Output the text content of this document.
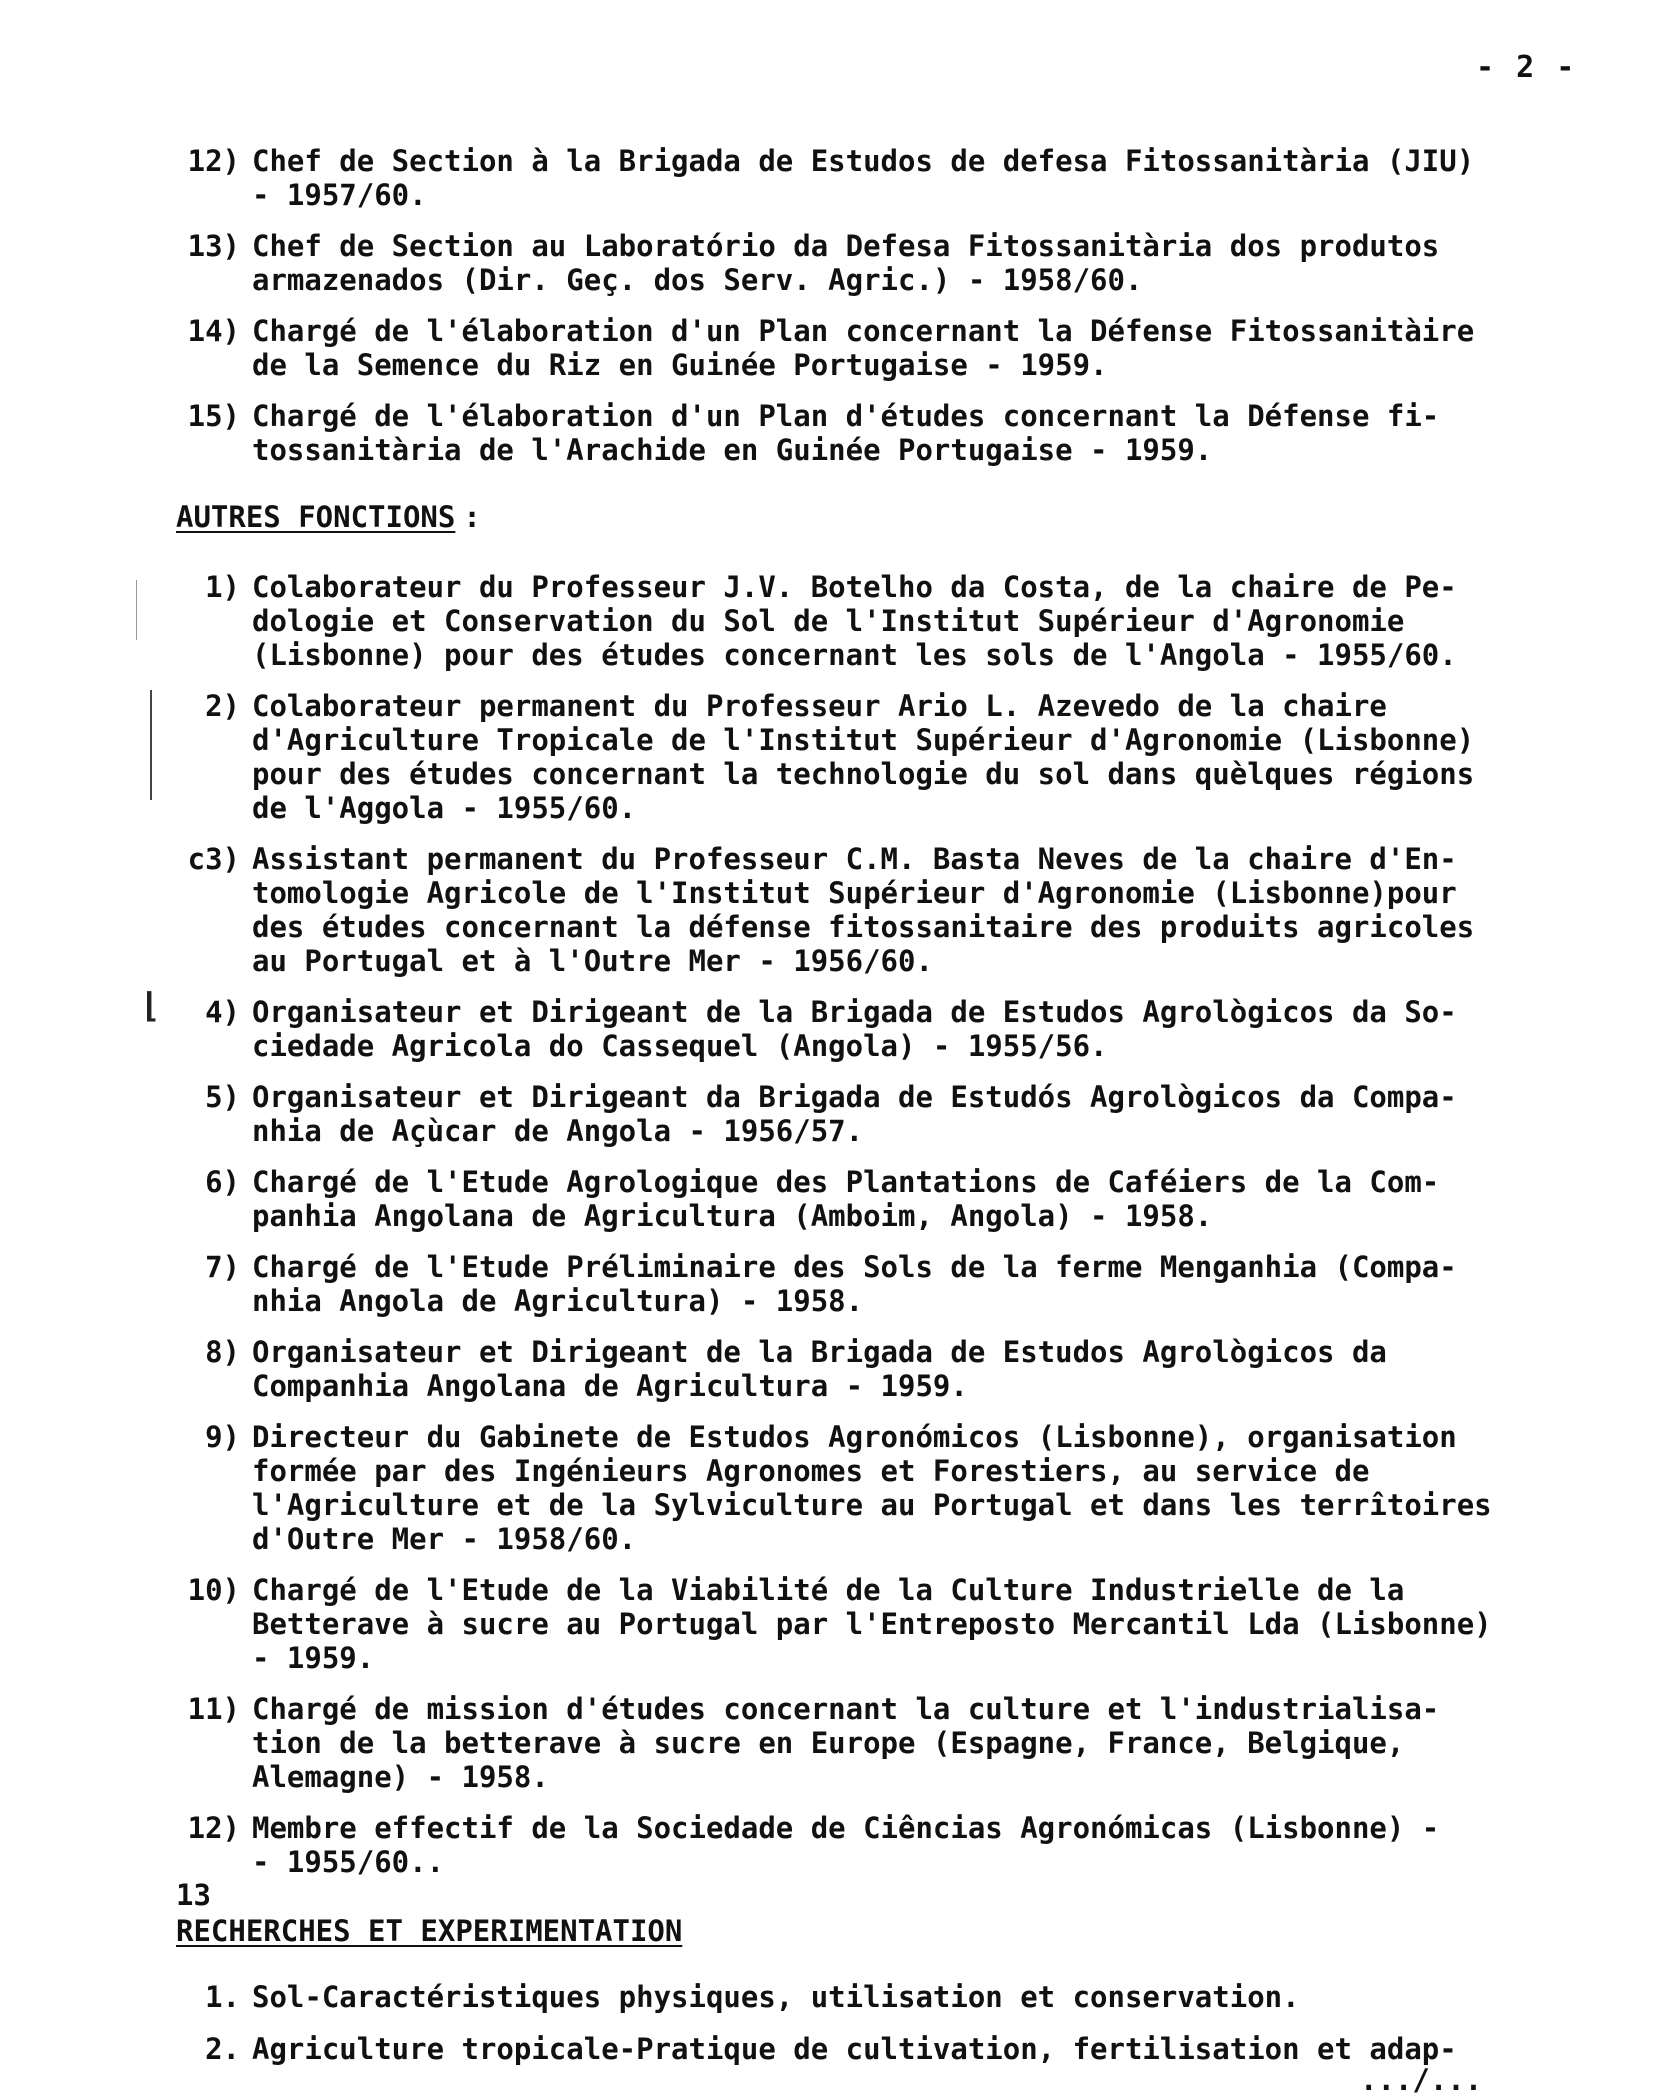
- 2 -
12) Chef de Section à la Brigada de Estudos de defesa Fitossanitària (JIU)
- 1957/60.
13) Chef de Section au Laboratório da Defesa Fitossanitària dos produtos
armazenados (Dir. Geç. dos Serv. Agric.) - 1958/60.
14) Chargé de l'élaboration d'un Plan concernant la Défense Fitossanitàire
de la Semence du Riz en Guinée Portugaise - 1959.
15) Chargé de l'élaboration d'un Plan d'études concernant la Défense fi-
tossanitària de l'Arachide en Guinée Portugaise - 1959.
AUTRES FONCTIONS :
1) Colaborateur du Professeur J.V. Botelho da Costa, de la chaire de Pe-
dologie et Conservation du Sol de l'Institut Supérieur d'Agronomie
(Lisbonne) pour des études concernant les sols de l'Angola - 1955/60.
2) Colaborateur permanent du Professeur Ario L. Azevedo de la chaire
d'Agriculture Tropicale de l'Institut Supérieur d'Agronomie (Lisbonne)
pour des études concernant la technologie du sol dans quèlques régions
de l'Aggola - 1955/60.
c3) Assistant permanent du Professeur C.M. Basta Neves de la chaire d'En-
tomologie Agricole de l'Institut Supérieur d'Agronomie (Lisbonne)pour
des études concernant la défense fitossanitaire des produits agricoles
au Portugal et à l'Outre Mer - 1956/60.
4) Organisateur et Dirigeant de la Brigada de Estudos Agrològicos da So-
ciedade Agricola do Cassequel (Angola) - 1955/56.
5) Organisateur et Dirigeant da Brigada de Estudós Agrològicos da Compa-
nhia de Açùcar de Angola - 1956/57.
6) Chargé de l'Etude Agrologique des Plantations de Caféiers de la Com-
panhia Angolana de Agricultura (Amboim, Angola) - 1958.
7) Chargé de l'Etude Préliminaire des Sols de la ferme Menganhia (Compa-
nhia Angola de Agricultura) - 1958.
8) Organisateur et Dirigeant de la Brigada de Estudos Agrològicos da
Companhia Angolana de Agricultura - 1959.
9) Directeur du Gabinete de Estudos Agronómicos (Lisbonne), organisation
formée par des Ingénieurs Agronomes et Forestiers, au service de
l'Agriculture et de la Sylviculture au Portugal et dans les terrîtoires
d'Outre Mer - 1958/60.
10) Chargé de l'Etude de la Viabilité de la Culture Industrielle de la
Betterave à sucre au Portugal par l'Entreposto Mercantil Lda (Lisbonne)
- 1959.
11) Chargé de mission d'études concernant la culture et l'industrialisa-
tion de la betterave à sucre en Europe (Espagne, France, Belgique,
Alemagne) - 1958.
12) Membre effectif de la Sociedade de Ciências Agronómicas (Lisbonne) -
- 1955/60..
13
RECHERCHES ET EXPERIMENTATION
1. Sol-Caractéristiques physiques, utilisation et conservation.
2. Agriculture tropicale-Pratique de cultivation, fertilisation et adap-
.../...
⌊
